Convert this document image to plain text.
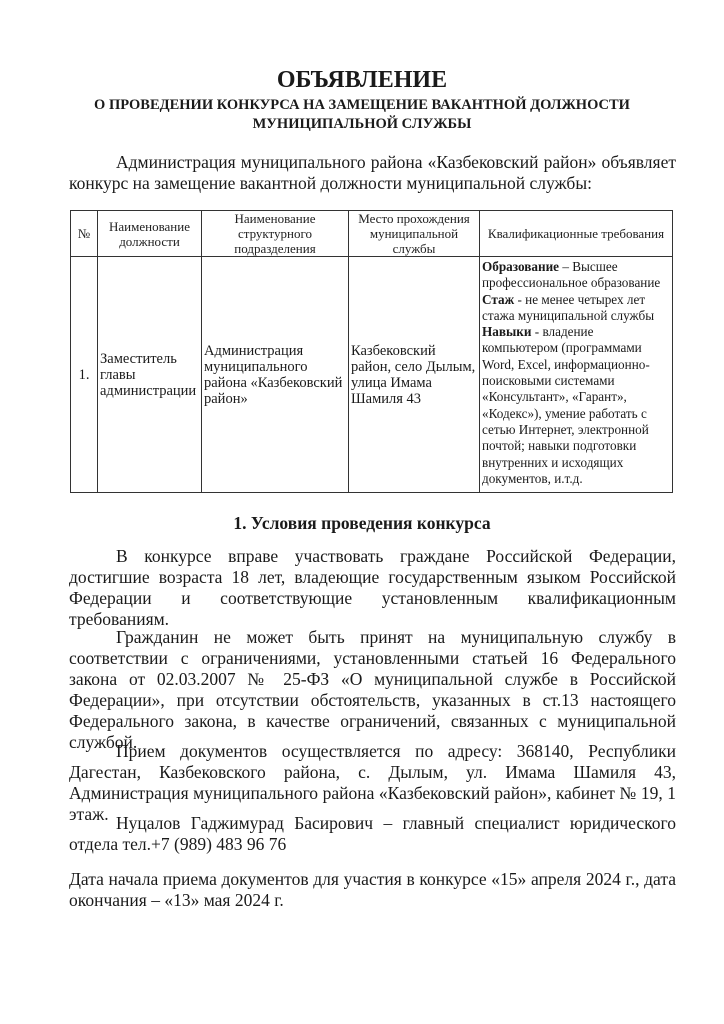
ОБЪЯВЛЕНИЕ
О ПРОВЕДЕНИИ КОНКУРСА НА ЗАМЕЩЕНИЕ ВАКАНТНОЙ ДОЛЖНОСТИ
МУНИЦИПАЛЬНОЙ СЛУЖБЫ
Администрация муниципального района «Казбековский район» объявляет конкурс на замещение вакантной должности муниципальной службы:
№	Наименование должности	Наименование структурного подразделения	Место прохождения муниципальной службы	Квалификационные требования
1.	Заместитель главы администрации	Администрация муниципального района «Казбековский район»	Казбековский район, село Дылым, улица Имама Шамиля 43	Образование – Высшее профессиональное образование
Стаж - не менее четырех лет стажа муниципальной службы
Навыки - владение компьютером (программами Word, Excel, информационно-поисковыми системами «Консультант», «Гарант», «Кодекс»), умение работать с сетью Интернет, электронной почтой; навыки подготовки внутренних и исходящих документов, и.т.д.
1. Условия проведения конкурса
В конкурсе вправе участвовать граждане Российской Федерации, достигшие возраста 18 лет, владеющие государственным языком Российской Федерации и соответствующие установленным квалификационным требованиям.
Гражданин не может быть принят на муниципальную службу в соответствии с ограничениями, установленными статьей 16 Федерального закона от 02.03.2007 № 25-ФЗ «О муниципальной службе в Российской Федерации», при отсутствии обстоятельств, указанных в ст.13 настоящего Федерального закона, в качестве ограничений, связанных с муниципальной службой.
Прием документов осуществляется по адресу: 368140, Республики Дагестан, Казбековского района, с. Дылым, ул. Имама Шамиля 43, Администрация муниципального района «Казбековский район», кабинет № 19, 1 этаж. Нуцалов Гаджимурад Басирович – главный специалист юридического отдела тел.+7 (989) 483 96 76
Дата начала приема документов для участия в конкурсе «15» апреля 2024 г., дата окончания – «13» мая 2024 г.
